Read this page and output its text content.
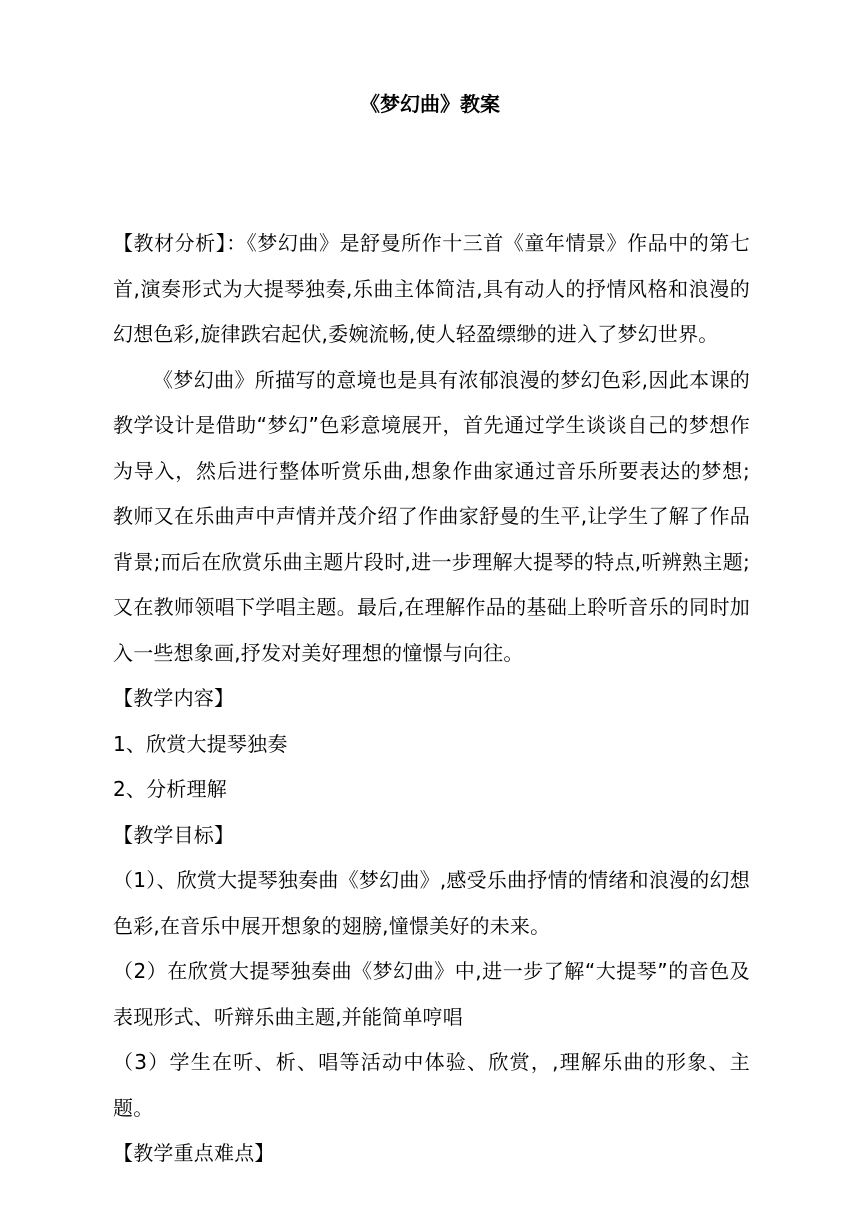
《梦幻曲》教案

【教材分析】：《梦幻曲》是舒曼所作十三首《童年情景》作品中的第七首,演奏形式为大提琴独奏,乐曲主体简洁,具有动人的抒情风格和浪漫的幻想色彩,旋律跌宕起伏,委婉流畅,使人轻盈缥缈的进入了梦幻世界。

《梦幻曲》所描写的意境也是具有浓郁浪漫的梦幻色彩,因此本课的教学设计是借助“梦幻”色彩意境展开，首先通过学生谈谈自己的梦想作为导入，然后进行整体听赏乐曲,想象作曲家通过音乐所要表达的梦想;教师又在乐曲声中声情并茂介绍了作曲家舒曼的生平,让学生了解了作品背景;而后在欣赏乐曲主题片段时,进一步理解大提琴的特点,听辨熟主题;又在教师领唱下学唱主题。最后,在理解作品的基础上聆听音乐的同时加入一些想象画,抒发对美好理想的憧憬与向往。

【教学内容】

1、欣赏大提琴独奏

2、分析理解

【教学目标】

（1）、欣赏大提琴独奏曲《梦幻曲》,感受乐曲抒情的情绪和浪漫的幻想色彩,在音乐中展开想象的翅膀,憧憬美好的未来。

（2）在欣赏大提琴独奏曲《梦幻曲》中,进一步了解“大提琴”的音色及表现形式、听辩乐曲主题,并能简单哼唱

（3）学生在听、析、唱等活动中体验、欣赏，,理解乐曲的形象、主题。

【教学重点难点】
